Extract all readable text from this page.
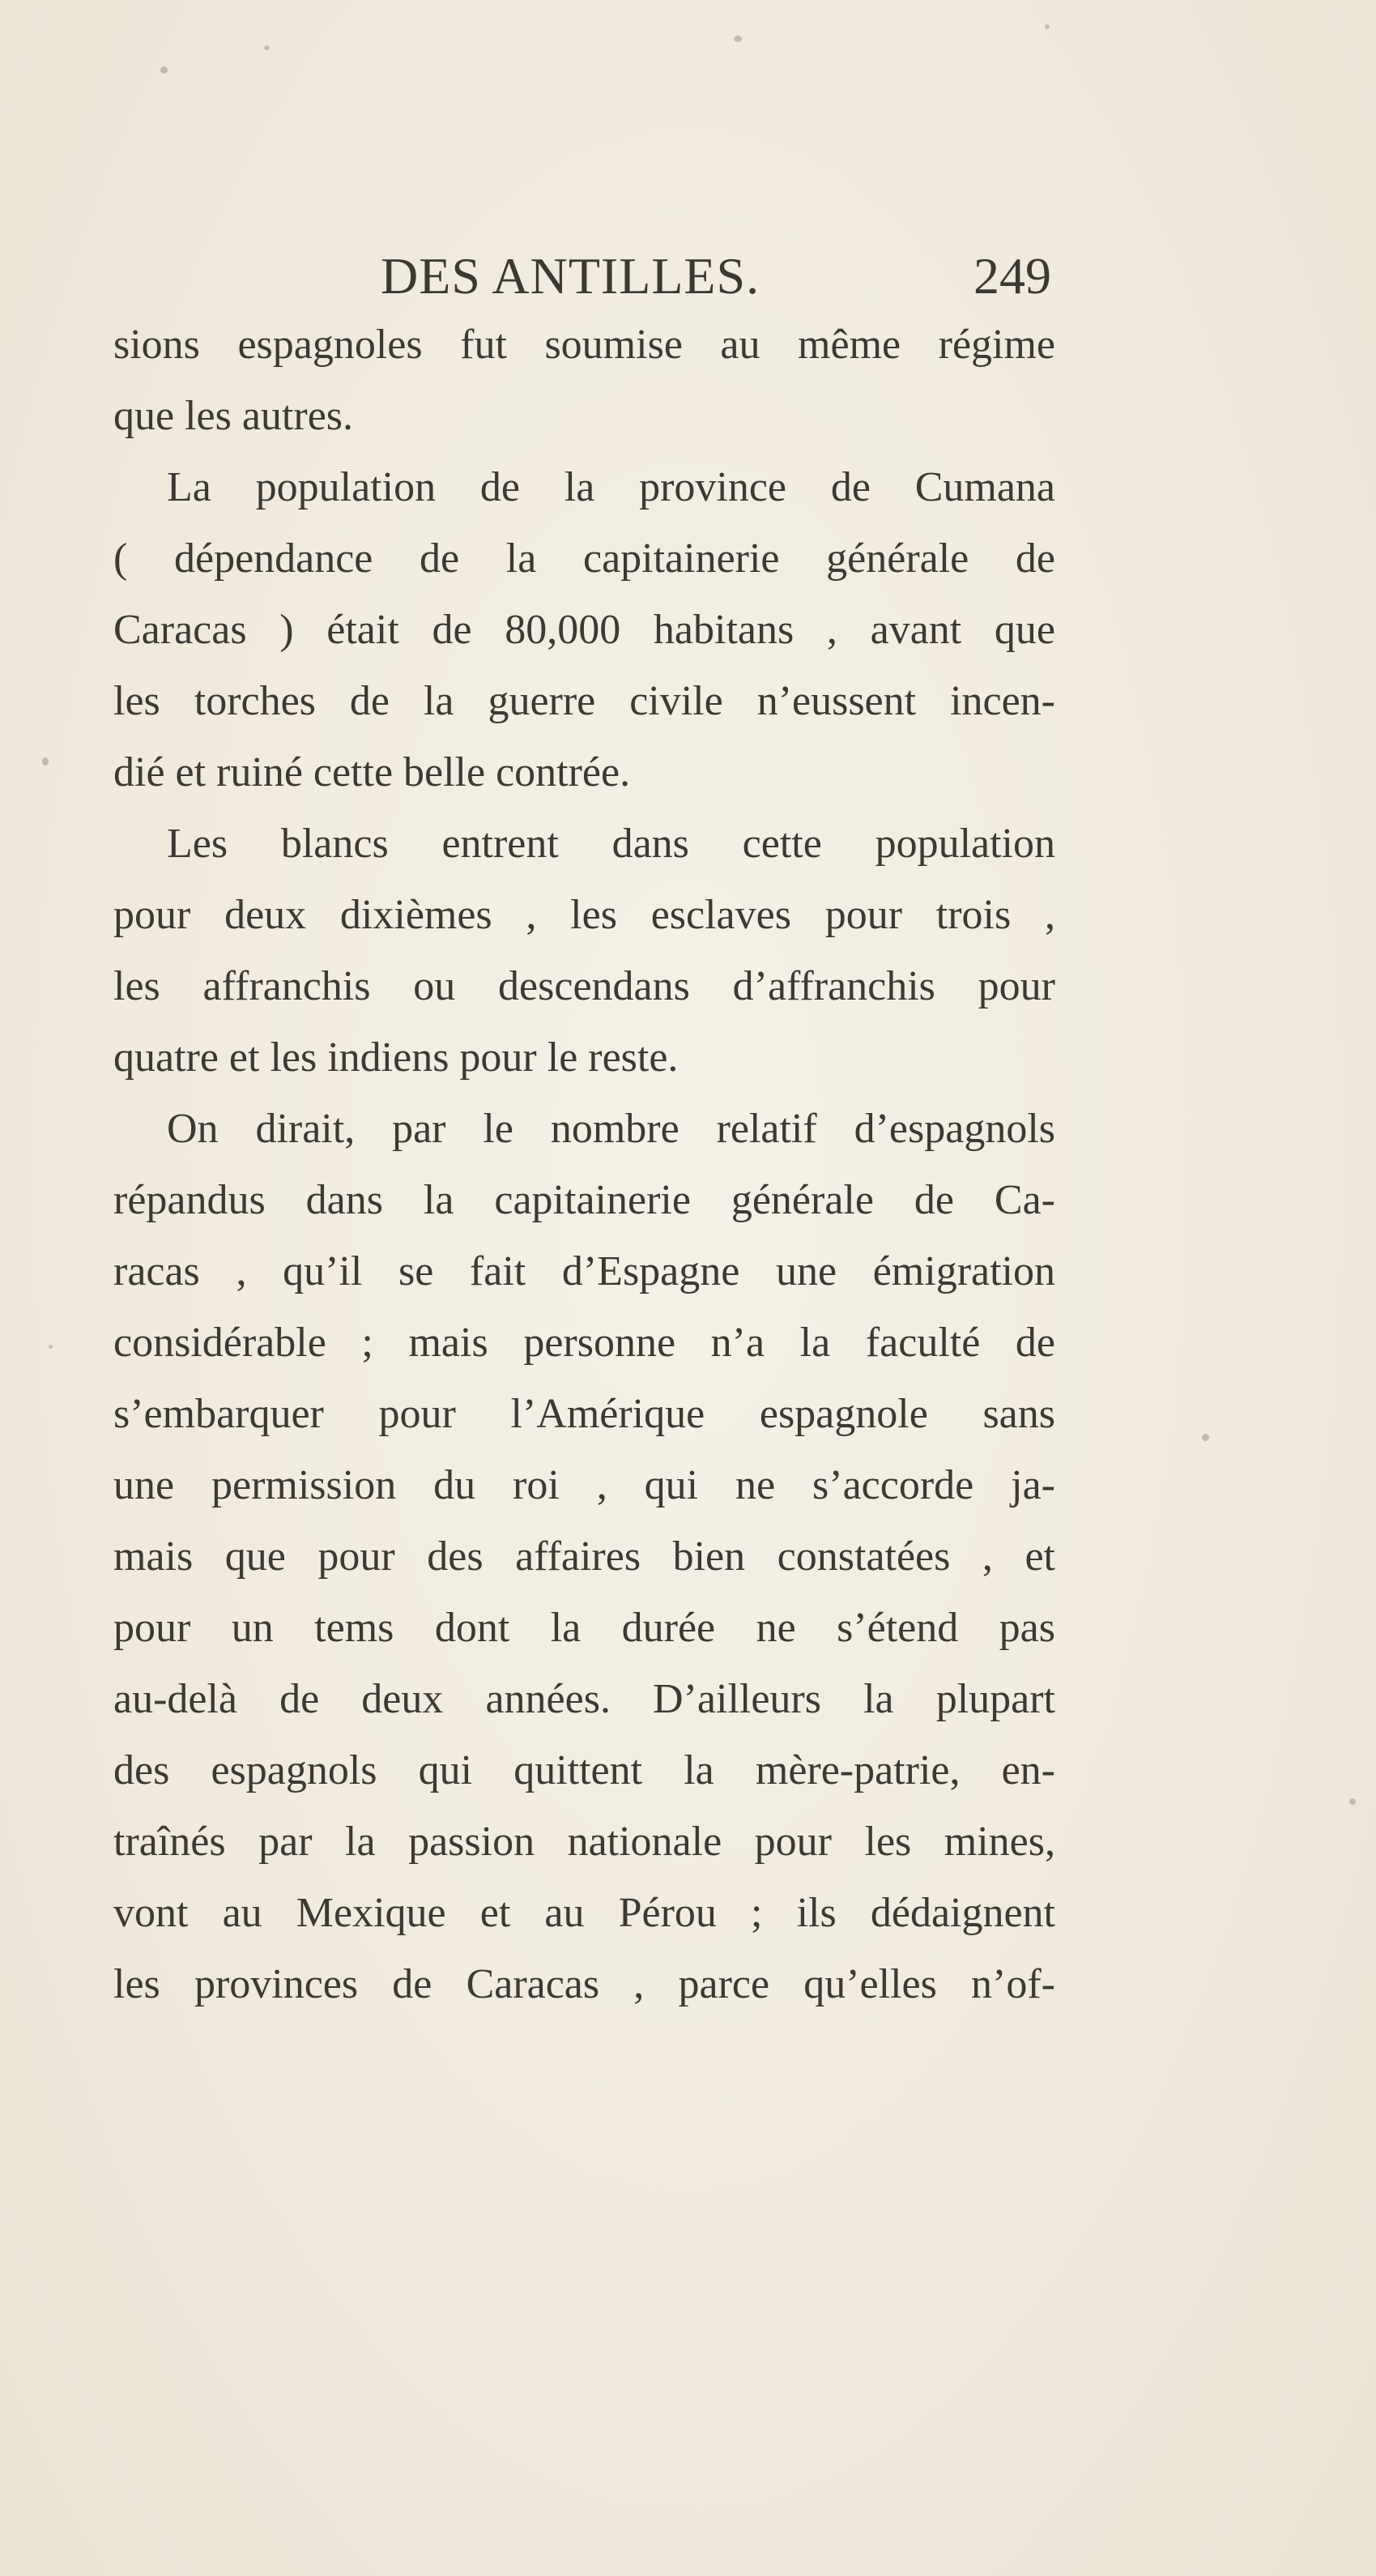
DES ANTILLES.	249
sions espagnoles fut soumise au même régime
que les autres.
La population de la province de Cumana
( dépendance de la capitainerie générale de
Caracas ) était de 80,000 habitans , avant que
les torches de la guerre civile n’eussent incen-
dié et ruiné cette belle contrée.
Les blancs entrent dans cette population
pour deux dixièmes , les esclaves pour trois ,
les affranchis ou descendans d’affranchis pour
quatre et les indiens pour le reste.
On dirait, par le nombre relatif d’espagnols
répandus dans la capitainerie générale de Ca-
racas , qu’il se fait d’Espagne une émigration
considérable ; mais personne n’a la faculté de
s’embarquer pour l’Amérique espagnole sans
une permission du roi , qui ne s’accorde ja-
mais que pour des affaires bien constatées , et
pour un tems dont la durée ne s’étend pas
au-delà de deux années. D’ailleurs la plupart
des espagnols qui quittent la mère-patrie, en-
traînés par la passion nationale pour les mines,
vont au Mexique et au Pérou ; ils dédaignent
les provinces de Caracas , parce qu’elles n’of-
